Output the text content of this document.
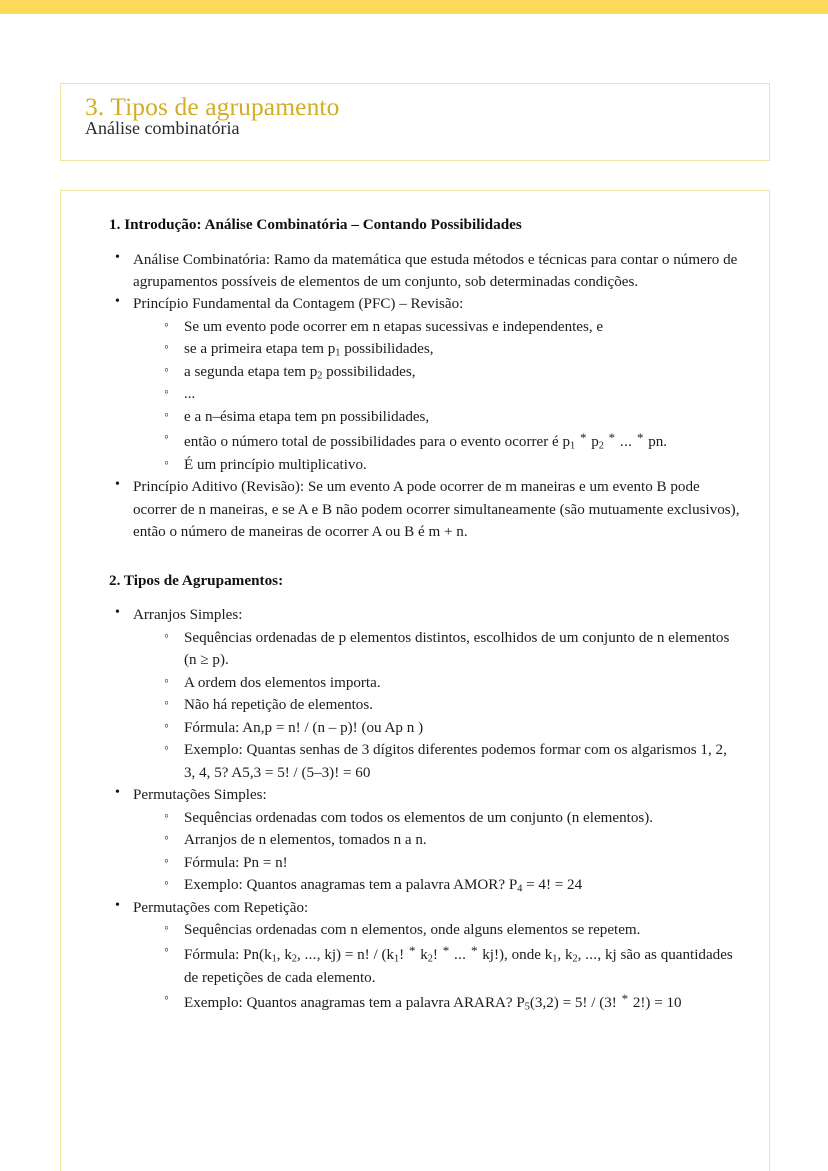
3. Tipos de agrupamento
Análise combinatória
1. Introdução: Análise Combinatória – Contando Possibilidades
• Análise Combinatória: Ramo da matemática que estuda métodos e técnicas para contar o número de agrupamentos possíveis de elementos de um conjunto, sob determinadas condições.
• Princípio Fundamental da Contagem (PFC) – Revisão:
◦ Se um evento pode ocorrer em n etapas sucessivas e independentes, e
◦ se a primeira etapa tem $p_1$ possibilidades,
◦ a segunda etapa tem $p_2$ possibilidades,
◦ ...
◦ e a n–ésima etapa tem pn possibilidades,
◦ então o número total de possibilidades para o evento ocorrer é $p_1 * p_2$ * ... * pn.
◦ É um princípio multiplicativo.
• Princípio Aditivo (Revisão): Se um evento A pode ocorrer de m maneiras e um evento B pode ocorrer de n maneiras, e se A e B não podem ocorrer simultaneamente (são mutuamente exclusivos), então o número de maneiras de ocorrer A ou B é m + n.
2. Tipos de Agrupamentos:
• Arranjos Simples:
◦ Sequências ordenadas de p elementos distintos, escolhidos de um conjunto de n elementos (n ≥ p).
◦ A ordem dos elementos importa.
◦ Não há repetição de elementos.
◦ Fórmula: An,p = n! / (n – p)! (ou Ap n )
◦ Exemplo: Quantas senhas de 3 dígitos diferentes podemos formar com os algarismos 1, 2, 3, 4, 5? A5,3 = 5! / (5–3)! = 60
• Permutações Simples:
◦ Sequências ordenadas com todos os elementos de um conjunto (n elementos).
◦ Arranjos de n elementos, tomados n a n.
◦ Fórmula: Pn = n!
◦ Exemplo: Quantos anagramas tem a palavra AMOR? $P_4 = 4$! = 24
• Permutações com Repetição:
◦ Sequências ordenadas com n elementos, onde alguns elementos se repetem.
◦ Fórmula: $Pn(k_1$, $k_2$, ..., kj) = n! / ($k_1$! * $k_2$! * ... * kj!), onde $k_1$, $k_2$, ..., kj são as quantidades de repetições de cada elemento.
◦ Exemplo: Quantos anagramas tem a palavra ARARA? $P_5(3,2) = 5$! / (3! * 2!) = 10
